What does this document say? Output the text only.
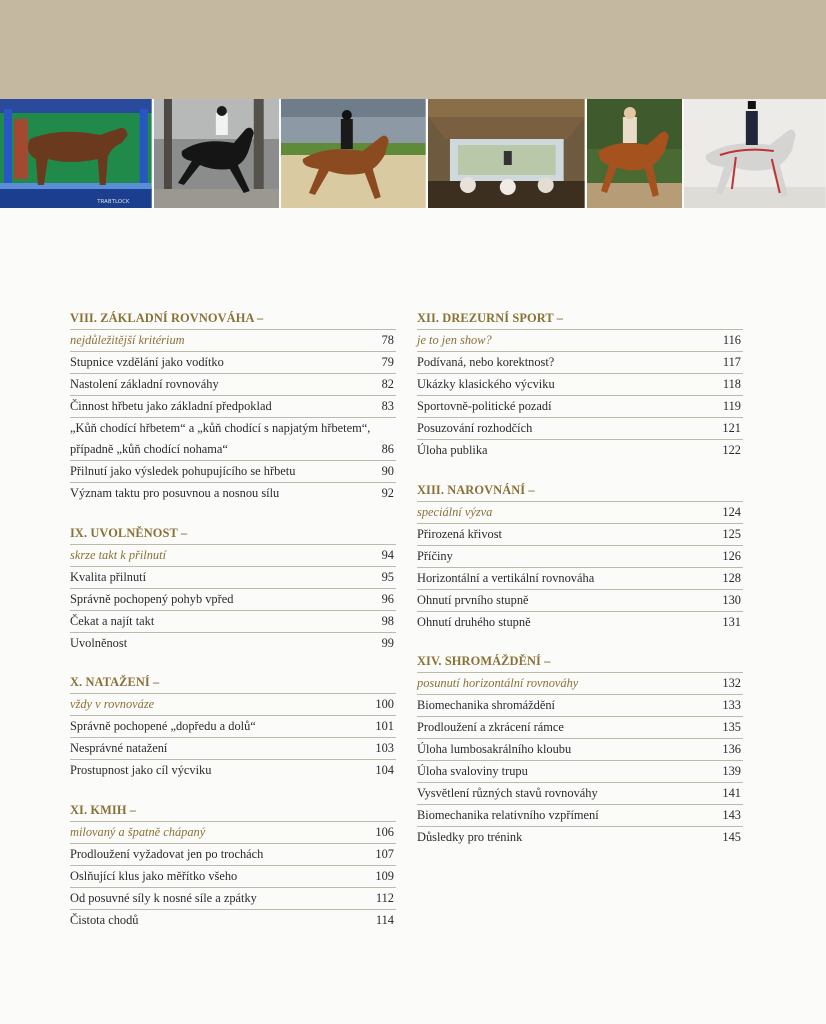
TRABTLOCK
VIII. ZÁKLADNÍ ROVNOVÁHA –
nejdůležitější kritérium	78
Stupnice vzdělání jako vodítko	79
Nastolení základní rovnováhy	82
Činnost hřbetu jako základní předpoklad	83
„Kůň chodící hřbetem“ a „kůň chodící s napjatým hřbetem“,
případně „kůň chodící nohama“	86
Přilnutí jako výsledek pohupujícího se hřbetu	90
Význam taktu pro posuvnou a nosnou sílu	92
IX. UVOLNĚNOST –
skrze takt k přilnutí	94
Kvalita přilnutí	95
Správně pochopený pohyb vpřed	96
Čekat a najít takt	98
Uvolněnost	99
X. NATAŽENÍ –
vždy v rovnováze	100
Správně pochopené „dopředu a dolů“	101
Nesprávné natažení	103
Prostupnost jako cíl výcviku	104
XI. KMIH –
milovaný a špatně chápaný	106
Prodloužení vyžadovat jen po trochách	107
Oslňující klus jako měřítko všeho	109
Od posuvné síly k nosné síle a zpátky	112
Čistota chodů	114
XII. DREZURNÍ SPORT –
je to jen show?	116
Podívaná, nebo korektnost?	117
Ukázky klasického výcviku	118
Sportovně-politické pozadí	119
Posuzování rozhodčích	121
Úloha publika	122
XIII. NAROVNÁNÍ –
speciální výzva	124
Přirozená křivost	125
Příčiny	126
Horizontální a vertikální rovnováha	128
Ohnutí prvního stupně	130
Ohnutí druhého stupně	131
XIV. SHROMÁŽDĚNÍ –
posunutí horizontální rovnováhy	132
Biomechanika shromáždění	133
Prodloužení a zkrácení rámce	135
Úloha lumbosakrálního kloubu	136
Úloha svaloviny trupu	139
Vysvětlení různých stavů rovnováhy	141
Biomechanika relativního vzpřímení	143
Důsledky pro trénink	145
